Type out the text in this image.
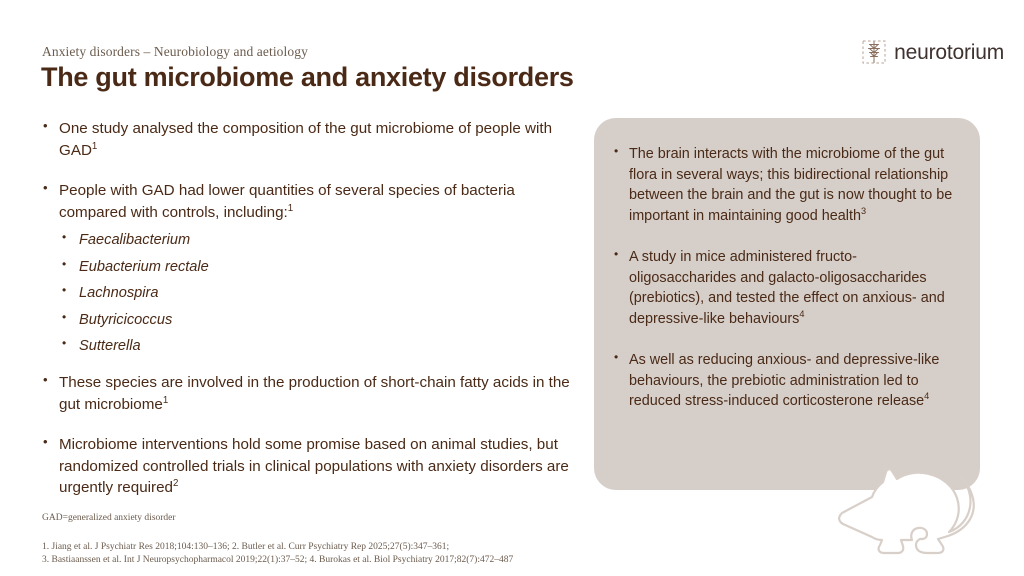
Anxiety disorders – Neurobiology and aetiology
The gut microbiome and anxiety disorders
neurotorium
• One study analysed the composition of the gut microbiome of people with GAD$^1$
• People with GAD had lower quantities of several species of bacteria compared with controls, including:$^1$
• Faecalibacterium
• Eubacterium rectale
• Lachnospira
• Butyricicoccus
• Sutterella
• These species are involved in the production of short-chain fatty acids in the gut microbiome$^1$
• Microbiome interventions hold some promise based on animal studies, but randomized controlled trials in clinical populations with anxiety disorders are urgently required$^2$
• The brain interacts with the microbiome of the gut flora in several ways; this bidirectional relationship between the brain and the gut is now thought to be important in maintaining good health$^3$
• A study in mice administered fructo-oligosaccharides and galacto-oligosaccharides (prebiotics), and tested the effect on anxious- and depressive-like behaviours$^4$
• As well as reducing anxious- and depressive-like behaviours, the prebiotic administration led to reduced stress-induced corticosterone release$^4$
GAD=generalized anxiety disorder
1. Jiang et al. J Psychiatr Res 2018;104:130–136; 2. Butler et al. Curr Psychiatry Rep 2025;27(5):347–361;
3. Bastiaanssen et al. Int J Neuropsychopharmacol 2019;22(1):37–52; 4. Burokas et al. Biol Psychiatry 2017;82(7):472–487
